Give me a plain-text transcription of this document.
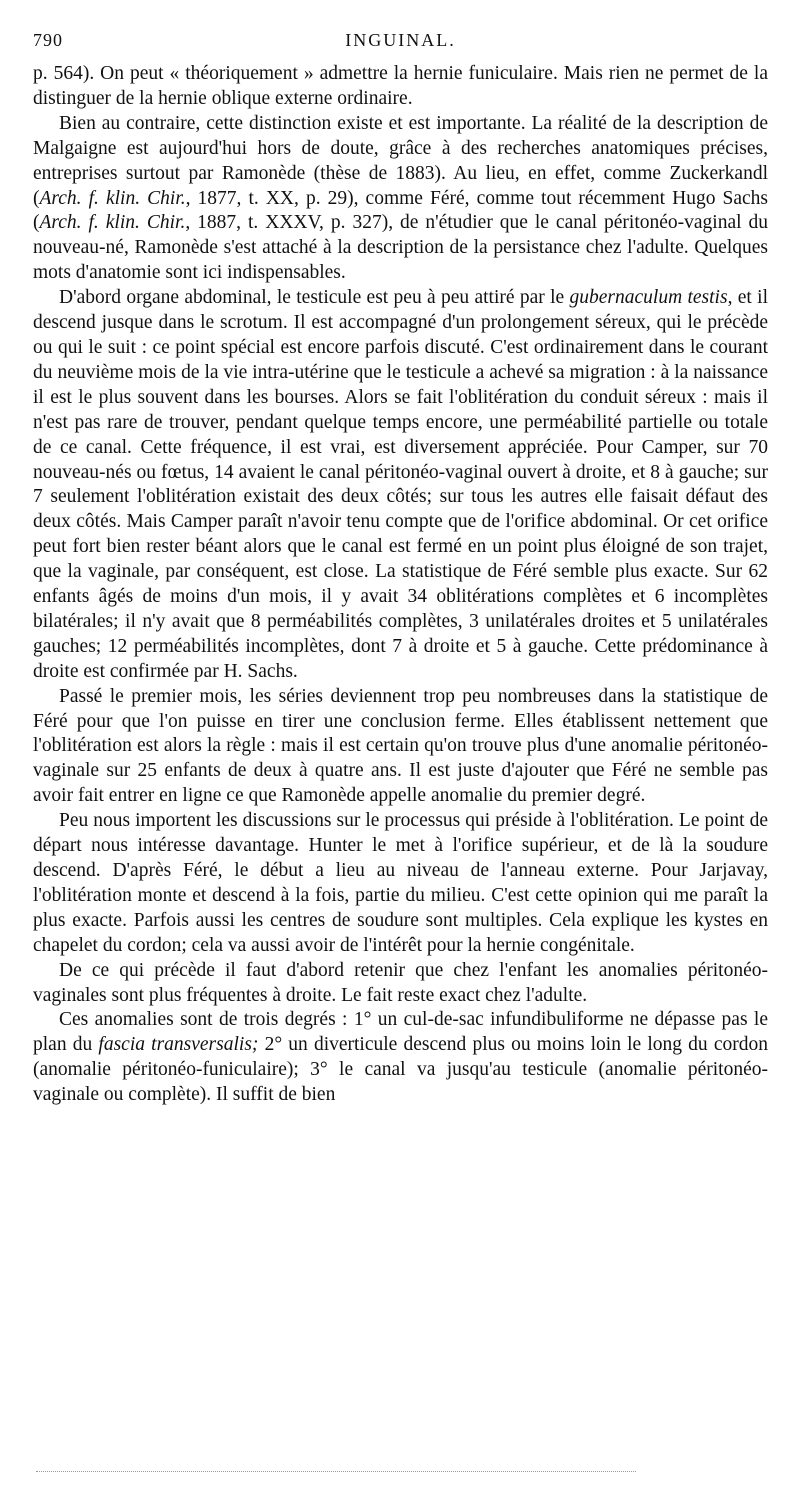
790	INGUINAL.

p. 564). On peut « théoriquement » admettre la hernie funiculaire. Mais rien ne permet de la distinguer de la hernie oblique externe ordinaire.

Bien au contraire, cette distinction existe et est importante. La réalité de la description de Malgaigne est aujourd'hui hors de doute, grâce à des recherches anatomiques précises, entreprises surtout par Ramonède (thèse de 1883). Au lieu, en effet, comme Zuckerkandl (Arch. f. klin. Chir., 1877, t. XX, p. 29), comme Féré, comme tout récemment Hugo Sachs (Arch. f. klin. Chir., 1887, t. XXXV, p. 327), de n'étudier que le canal péritonéo-vaginal du nouveau-né, Ramonède s'est attaché à la description de la persistance chez l'adulte. Quelques mots d'anatomie sont ici indispensables.

D'abord organe abdominal, le testicule est peu à peu attiré par le gubernaculum testis, et il descend jusque dans le scrotum. Il est accompagné d'un prolongement séreux, qui le précède ou qui le suit : ce point spécial est encore parfois discuté. C'est ordinairement dans le courant du neuvième mois de la vie intra-utérine que le testicule a achevé sa migration : à la naissance il est le plus souvent dans les bourses. Alors se fait l'oblitération du conduit séreux : mais il n'est pas rare de trouver, pendant quelque temps encore, une perméabilité partielle ou totale de ce canal. Cette fréquence, il est vrai, est diversement appréciée. Pour Camper, sur 70 nouveau-nés ou fœtus, 14 avaient le canal péritonéo-vaginal ouvert à droite, et 8 à gauche; sur 7 seulement l'oblitération existait des deux côtés; sur tous les autres elle faisait défaut des deux côtés. Mais Camper paraît n'avoir tenu compte que de l'orifice abdominal. Or cet orifice peut fort bien rester béant alors que le canal est fermé en un point plus éloigné de son trajet, que la vaginale, par conséquent, est close. La statistique de Féré semble plus exacte. Sur 62 enfants âgés de moins d'un mois, il y avait 34 oblitérations complètes et 6 incomplètes bilatérales; il n'y avait que 8 perméabilités complètes, 3 unilatérales droites et 5 unilatérales gauches; 12 perméabilités incomplètes, dont 7 à droite et 5 à gauche. Cette prédominance à droite est confirmée par H. Sachs.

Passé le premier mois, les séries deviennent trop peu nombreuses dans la statistique de Féré pour que l'on puisse en tirer une conclusion ferme. Elles établissent nettement que l'oblitération est alors la règle : mais il est certain qu'on trouve plus d'une anomalie péritonéo-vaginale sur 25 enfants de deux à quatre ans. Il est juste d'ajouter que Féré ne semble pas avoir fait entrer en ligne ce que Ramonède appelle anomalie du premier degré.

Peu nous importent les discussions sur le processus qui préside à l'oblitération. Le point de départ nous intéresse davantage. Hunter le met à l'orifice supérieur, et de là la soudure descend. D'après Féré, le début a lieu au niveau de l'anneau externe. Pour Jarjavay, l'oblitération monte et descend à la fois, partie du milieu. C'est cette opinion qui me paraît la plus exacte. Parfois aussi les centres de soudure sont multiples. Cela explique les kystes en chapelet du cordon; cela va aussi avoir de l'intérêt pour la hernie congénitale.

De ce qui précède il faut d'abord retenir que chez l'enfant les anomalies péritonéo-vaginales sont plus fréquentes à droite. Le fait reste exact chez l'adulte.

Ces anomalies sont de trois degrés : 1° un cul-de-sac infundibuliforme ne dépasse pas le plan du fascia transversalis; 2° un diverticule descend plus ou moins loin le long du cordon (anomalie péritonéo-funiculaire); 3° le canal va jusqu'au testicule (anomalie péritonéo-vaginale ou complète). Il suffit de bien
